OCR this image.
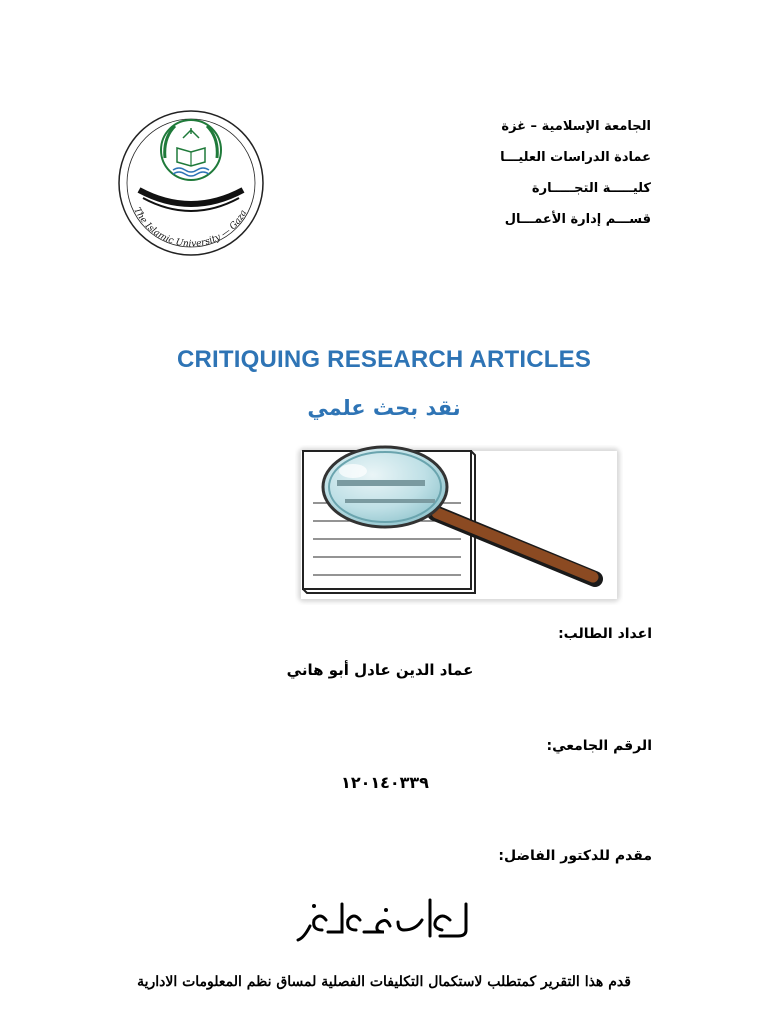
The Islamic University — Gaza
الجامعة الإسلامية – غزة
عمادة الدراسات العليـــا
كليـــــة التجـــــارة
قســـم إدارة الأعمـــال
CRITIQUING RESEARCH ARTICLES
نقد بحث علمي
اعداد الطالب:
عماد الدين عادل أبو هاني
الرقم الجامعي:
١٢٠١٤٠٣٣٩
مقدم للدكتور الفاضل:
قدم هذا التقرير كمتطلب لاستكمال التكليفات الفصلية لمساق نظم المعلومات الادارية
